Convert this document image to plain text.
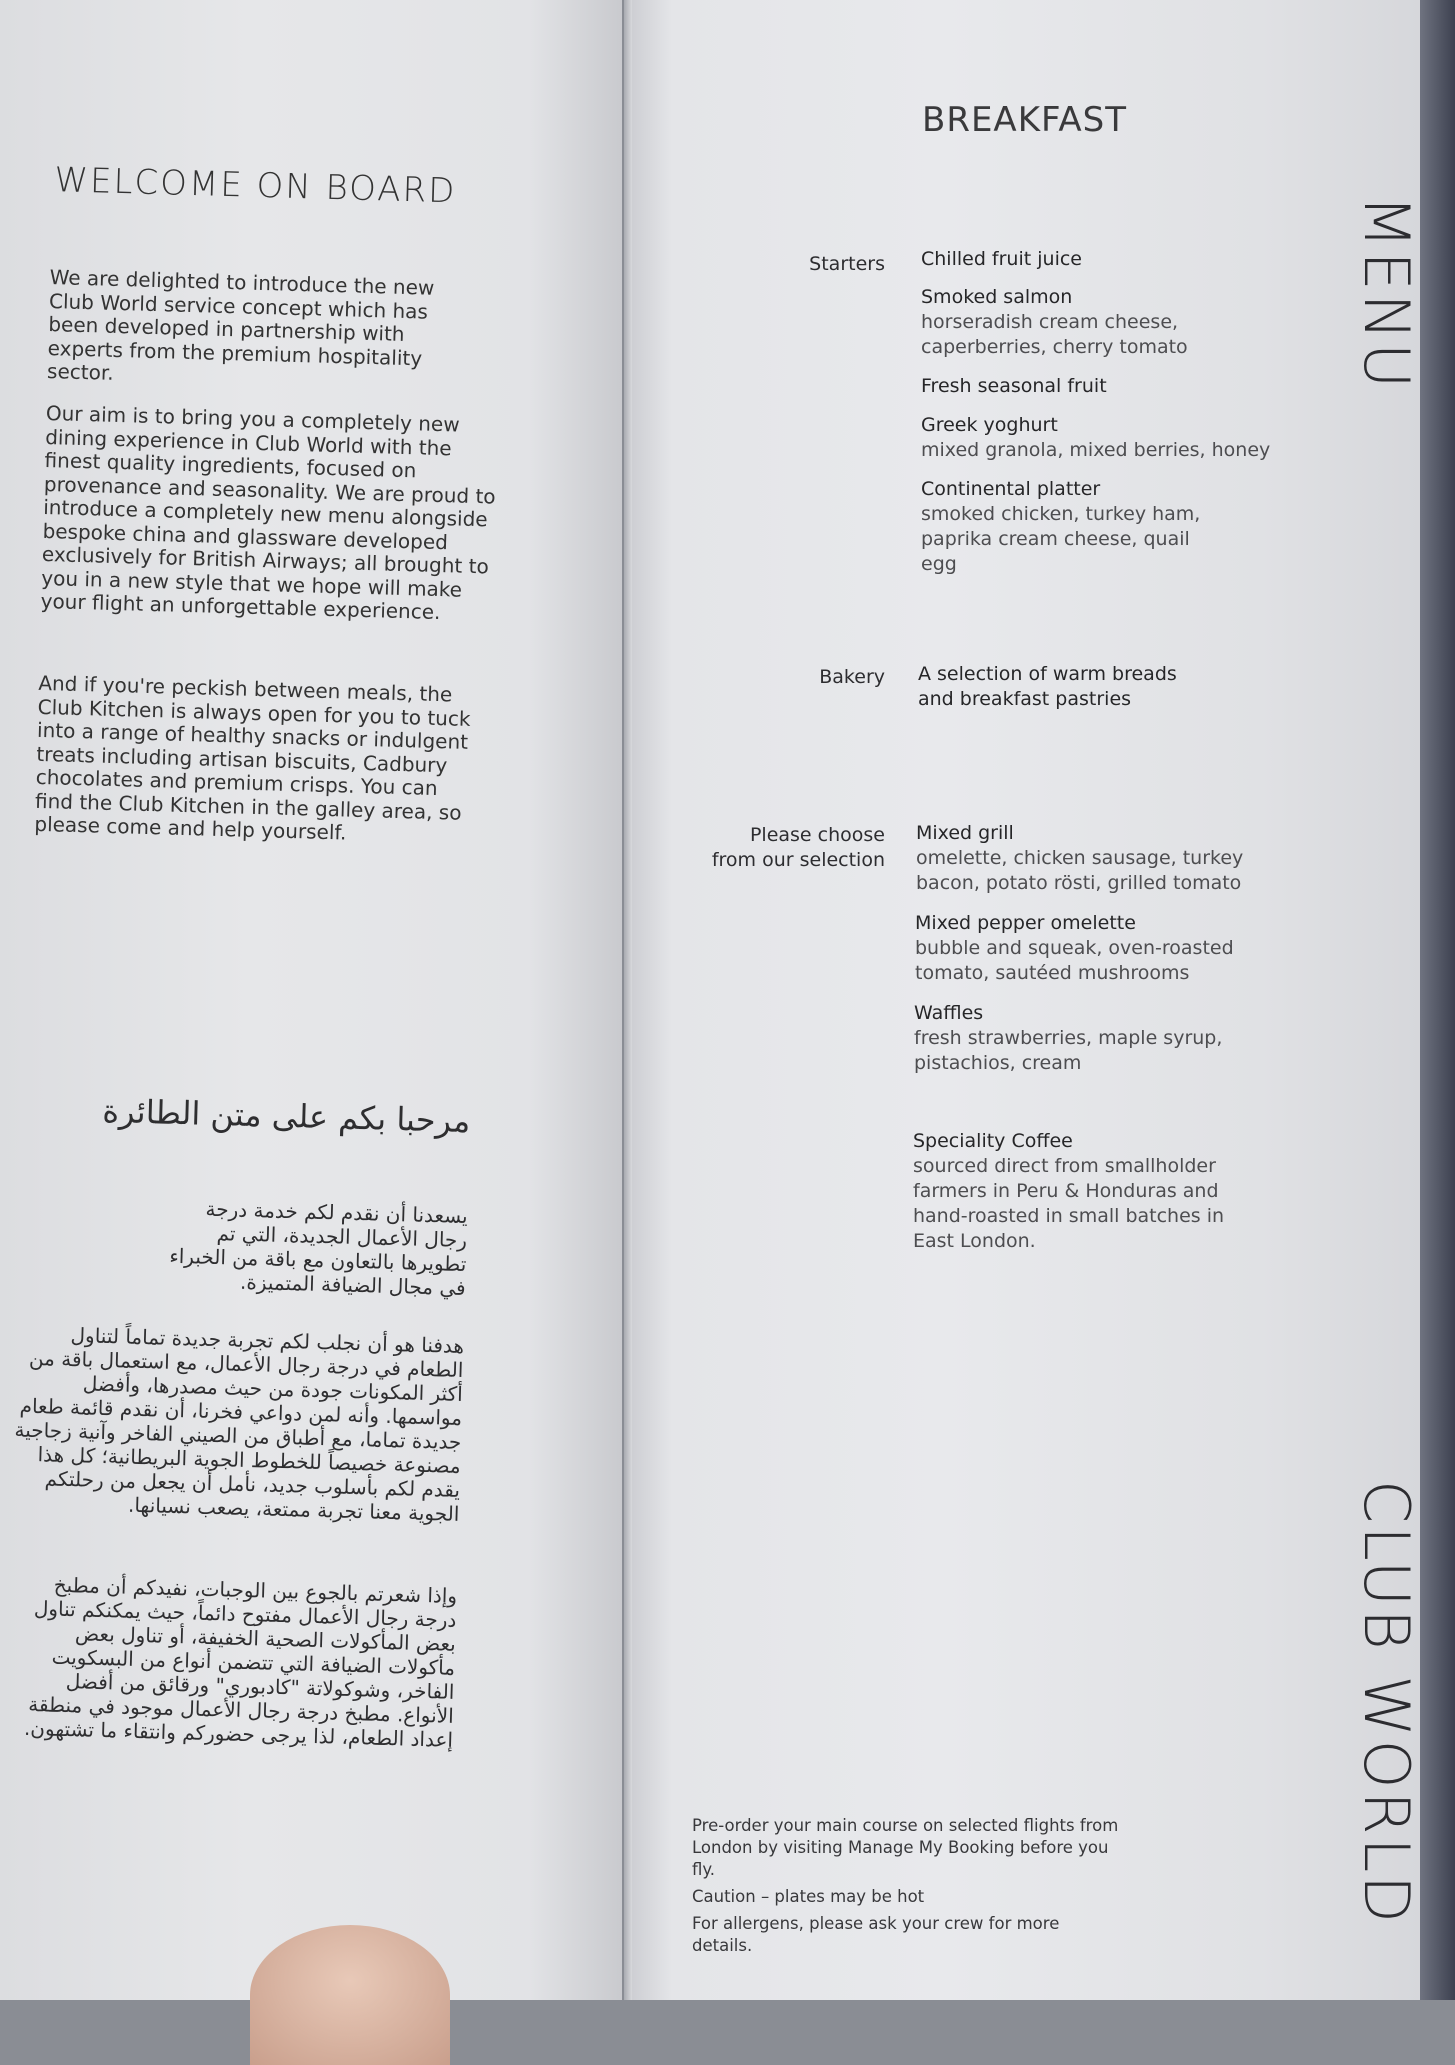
WELCOME ON BOARD
We are delighted to introduce the new Club World service concept which has been developed in partnership with experts from the premium hospitality sector.
Our aim is to bring you a completely new dining experience in Club World with the finest quality ingredients, focused on provenance and seasonality. We are proud to introduce a completely new menu alongside bespoke china and glassware developed exclusively for British Airways; all brought to you in a new style that we hope will make your flight an unforgettable experience.
And if you're peckish between meals, the Club Kitchen is always open for you to tuck into a range of healthy snacks or indulgent treats including artisan biscuits, Cadbury chocolates and premium crisps. You can find the Club Kitchen in the galley area, so please come and help yourself.
مرحبا بكم على متن الطائرة
يسعدنا أن نقدم لكم خدمة درجة رجال الأعمال الجديدة، التي تم تطويرها بالتعاون مع باقة من الخبراء في مجال الضيافة المتميزة.
هدفنا هو أن نجلب لكم تجربة جديدة تماماً لتناول الطعام في درجة رجال الأعمال، مع استعمال باقة من أكثر المكونات جودة من حيث مصدرها، وأفضل مواسمها. وأنه لمن دواعي فخرنا، أن نقدم قائمة طعام جديدة تماما، مع أطباق من الصيني الفاخر وآنية زجاجية مصنوعة خصيصاً للخطوط الجوية البريطانية؛ كل هذا يقدم لكم بأسلوب جديد، نأمل أن يجعل من رحلتكم الجوية معنا تجربة ممتعة، يصعب نسيانها.
وإذا شعرتم بالجوع بين الوجبات، نفيدكم أن مطبخ درجة رجال الأعمال مفتوح دائماً، حيث يمكنكم تناول بعض المأكولات الصحية الخفيفة، أو تناول بعض مأكولات الضيافة التي تتضمن أنواع من البسكويت الفاخر، وشوكولاتة "كادبوري" ورقائق من أفضل الأنواع. مطبخ درجة رجال الأعمال موجود في منطقة إعداد الطعام، لذا يرجى حضوركم وانتقاء ما تشتهون.
BREAKFAST
MENU
CLUB WORLD
Starters Chilled fruit juice
Smoked salmon
horseradish cream cheese, caperberries, cherry tomato
Fresh seasonal fruit
Greek yoghurt
mixed granola, mixed berries, honey
Continental platter
smoked chicken, turkey ham, paprika cream cheese, quail egg
Bakery A selection of warm breads and breakfast pastries
Please choose from our selection
Mixed grill
omelette, chicken sausage, turkey bacon, potato rösti, grilled tomato
Mixed pepper omelette
bubble and squeak, oven-roasted tomato, sautéed mushrooms
Waffles
fresh strawberries, maple syrup, pistachios, cream
Speciality Coffee
sourced direct from smallholder farmers in Peru & Honduras and hand-roasted in small batches in East London.
Pre-order your main course on selected flights from London by visiting Manage My Booking before you fly.
Caution – plates may be hot
For allergens, please ask your crew for more details.
